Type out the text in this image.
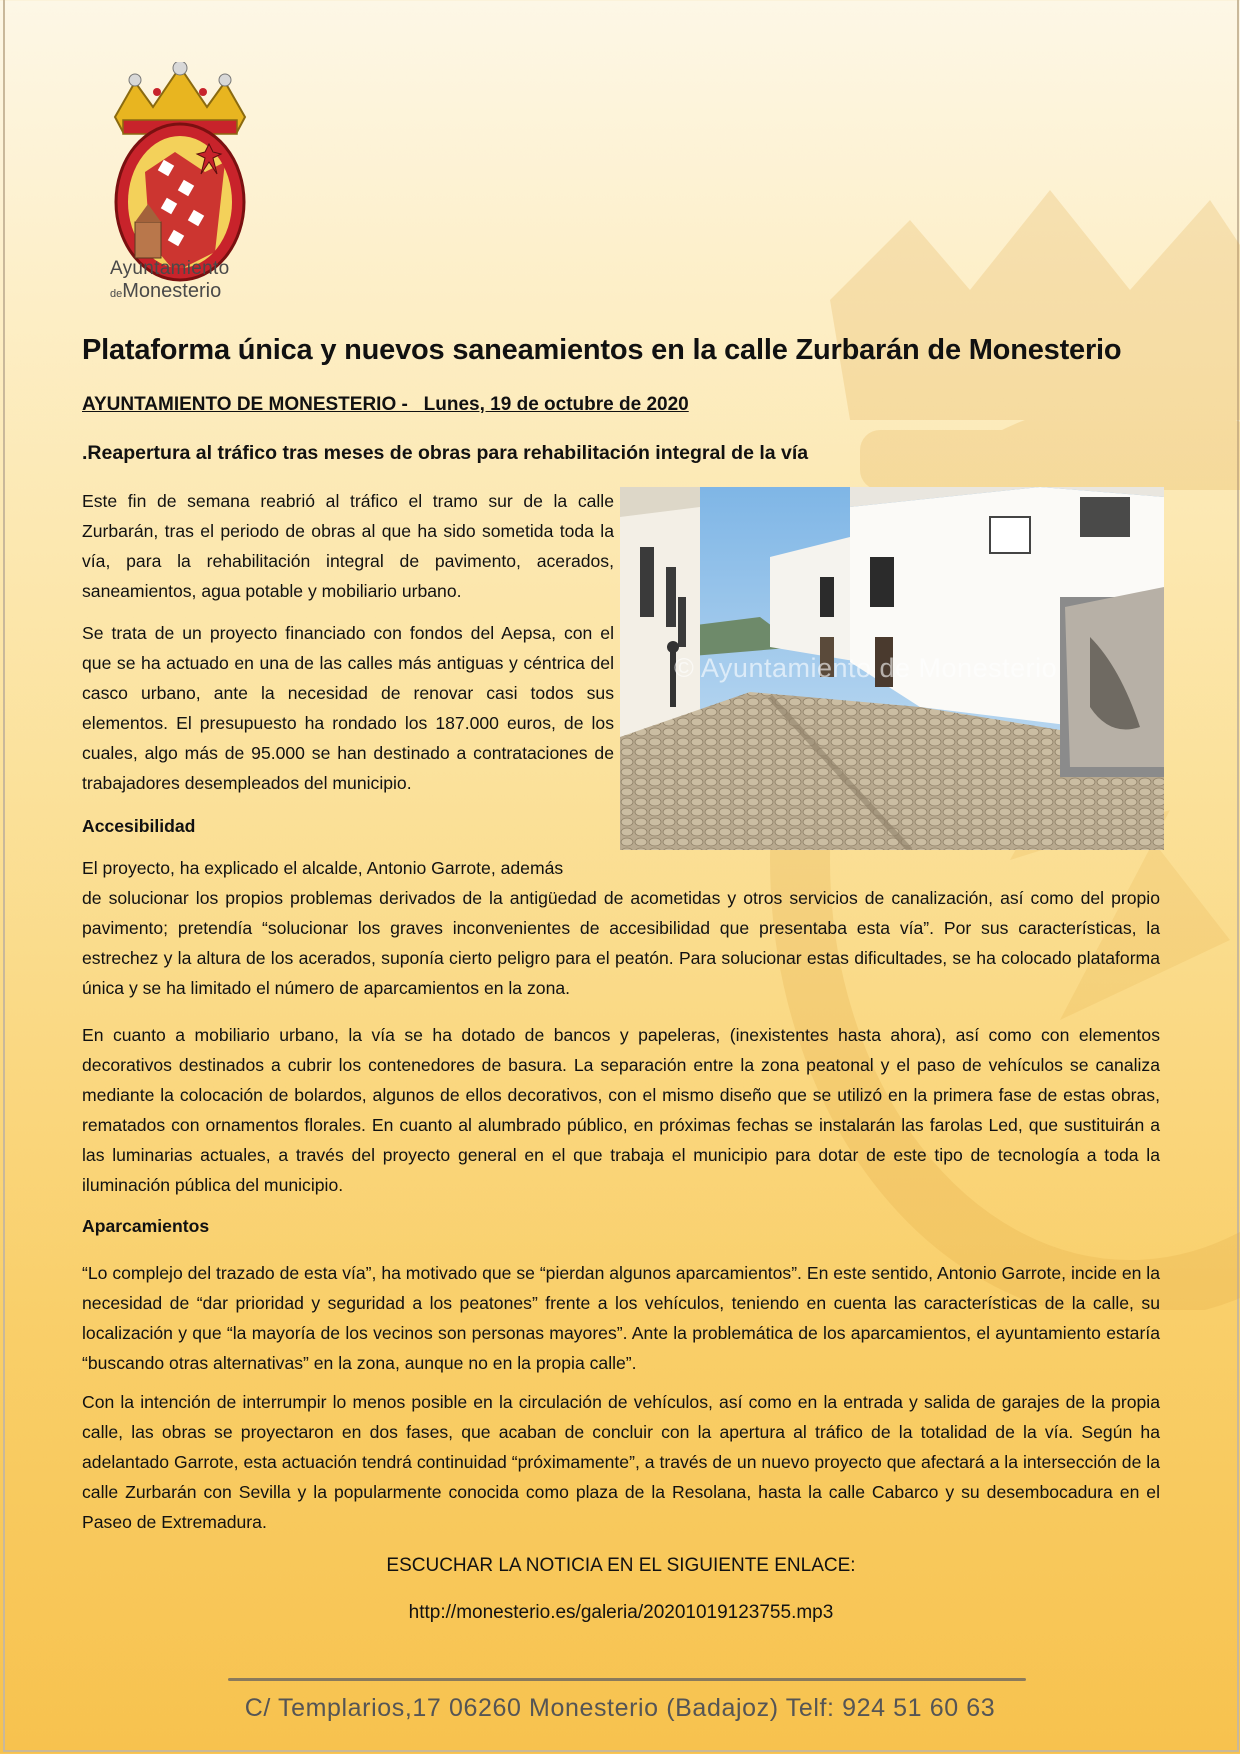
Ayuntamiento
deMonesterio
Plataforma única y nuevos saneamientos en la calle Zurbarán de Monesterio
AYUNTAMIENTO DE MONESTERIO -   Lunes, 19 de octubre de 2020
.Reapertura al tráfico tras meses de obras para rehabilitación integral de la vía
© Ayuntamiento de Monesterio

Este fin de semana reabrió al tráfico el tramo sur de la calle Zurbarán, tras el periodo de obras al que ha sido sometida toda la vía, para la rehabilitación integral de pavimento, acerados, saneamientos, agua potable y mobiliario urbano.

Se trata de un proyecto financiado con fondos del Aepsa, con el que se ha actuado en una de las calles más antiguas y céntrica del casco urbano, ante la necesidad de renovar casi todos sus elementos. El presupuesto ha rondado los 187.000 euros, de los cuales, algo más de 95.000 se han destinado a contrataciones de trabajadores desempleados del municipio.

Accesibilidad

El proyecto, ha explicado el alcalde, Antonio Garrote, además

de solucionar los propios problemas derivados de la antigüedad de acometidas y otros servicios de canalización, así como del propio pavimento; pretendía “solucionar los graves inconvenientes de accesibilidad que presentaba esta vía”. Por sus características, la estrechez y la altura de los acerados, suponía cierto peligro para el peatón. Para solucionar estas dificultades, se ha colocado plataforma única y se ha limitado el número de aparcamientos en la zona.

En cuanto a mobiliario urbano, la vía se ha dotado de bancos y papeleras, (inexistentes hasta ahora), así como con elementos decorativos destinados a cubrir los contenedores de basura. La separación entre la zona peatonal y el paso de vehículos se canaliza mediante la colocación de bolardos, algunos de ellos decorativos, con el mismo diseño que se utilizó en la primera fase de estas obras, rematados con ornamentos florales. En cuanto al alumbrado público, en próximas fechas se instalarán las farolas Led, que sustituirán a las luminarias actuales, a través del proyecto general en el que trabaja el municipio para dotar de este tipo de tecnología a toda la iluminación pública del municipio.

Aparcamientos

“Lo complejo del trazado de esta vía”, ha motivado que se “pierdan algunos aparcamientos”. En este sentido, Antonio Garrote, incide en la necesidad de “dar prioridad y seguridad a los peatones” frente a los vehículos, teniendo en cuenta las características de la calle, su localización y que “la mayoría de los vecinos son personas mayores”. Ante la problemática de los aparcamientos, el ayuntamiento estaría “buscando otras alternativas” en la zona, aunque no en la propia calle”.

Con la intención de interrumpir lo menos posible en la circulación de vehículos, así como en la entrada y salida de garajes de la propia calle, las obras se proyectaron en dos fases, que acaban de concluir con la apertura al tráfico de la totalidad de la vía. Según ha adelantado Garrote, esta actuación tendrá continuidad “próximamente”, a través de un nuevo proyecto que afectará a la intersección de la calle Zurbarán con Sevilla y la popularmente conocida como plaza de la Resolana, hasta la calle Cabarco y su desembocadura en el Paseo de Extremadura.

ESCUCHAR LA NOTICIA EN EL SIGUIENTE ENLACE:

http://monesterio.es/galeria/20201019123755.mp3

C/ Templarios,17 06260 Monesterio (Badajoz) Telf: 924 51 60 63
